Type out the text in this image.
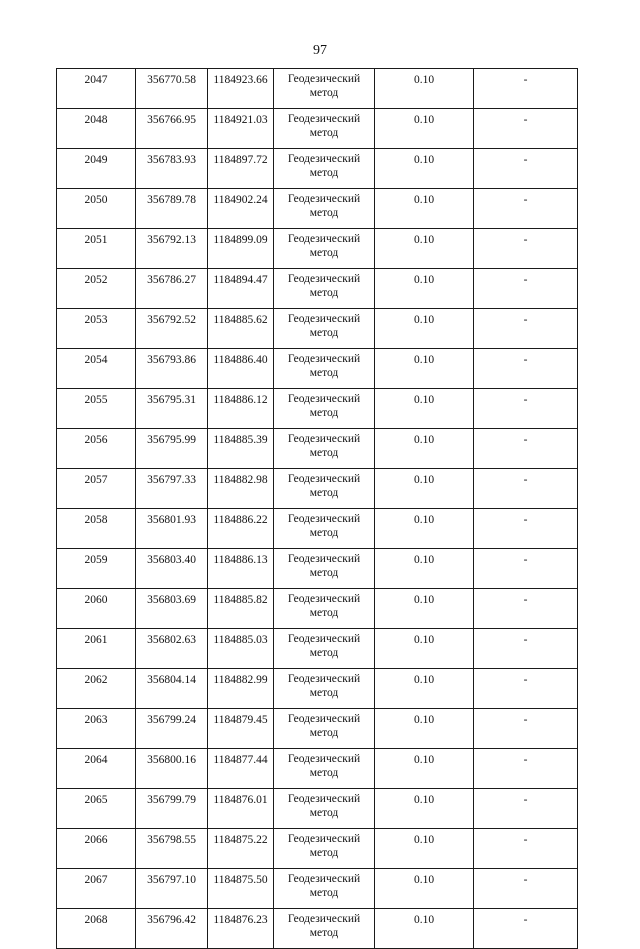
97
2047	356770.58	1184923.66	Геодезический метод	0.10	-
2048	356766.95	1184921.03	Геодезический метод	0.10	-
2049	356783.93	1184897.72	Геодезический метод	0.10	-
2050	356789.78	1184902.24	Геодезический метод	0.10	-
2051	356792.13	1184899.09	Геодезический метод	0.10	-
2052	356786.27	1184894.47	Геодезический метод	0.10	-
2053	356792.52	1184885.62	Геодезический метод	0.10	-
2054	356793.86	1184886.40	Геодезический метод	0.10	-
2055	356795.31	1184886.12	Геодезический метод	0.10	-
2056	356795.99	1184885.39	Геодезический метод	0.10	-
2057	356797.33	1184882.98	Геодезический метод	0.10	-
2058	356801.93	1184886.22	Геодезический метод	0.10	-
2059	356803.40	1184886.13	Геодезический метод	0.10	-
2060	356803.69	1184885.82	Геодезический метод	0.10	-
2061	356802.63	1184885.03	Геодезический метод	0.10	-
2062	356804.14	1184882.99	Геодезический метод	0.10	-
2063	356799.24	1184879.45	Геодезический метод	0.10	-
2064	356800.16	1184877.44	Геодезический метод	0.10	-
2065	356799.79	1184876.01	Геодезический метод	0.10	-
2066	356798.55	1184875.22	Геодезический метод	0.10	-
2067	356797.10	1184875.50	Геодезический метод	0.10	-
2068	356796.42	1184876.23	Геодезический метод	0.10	-
